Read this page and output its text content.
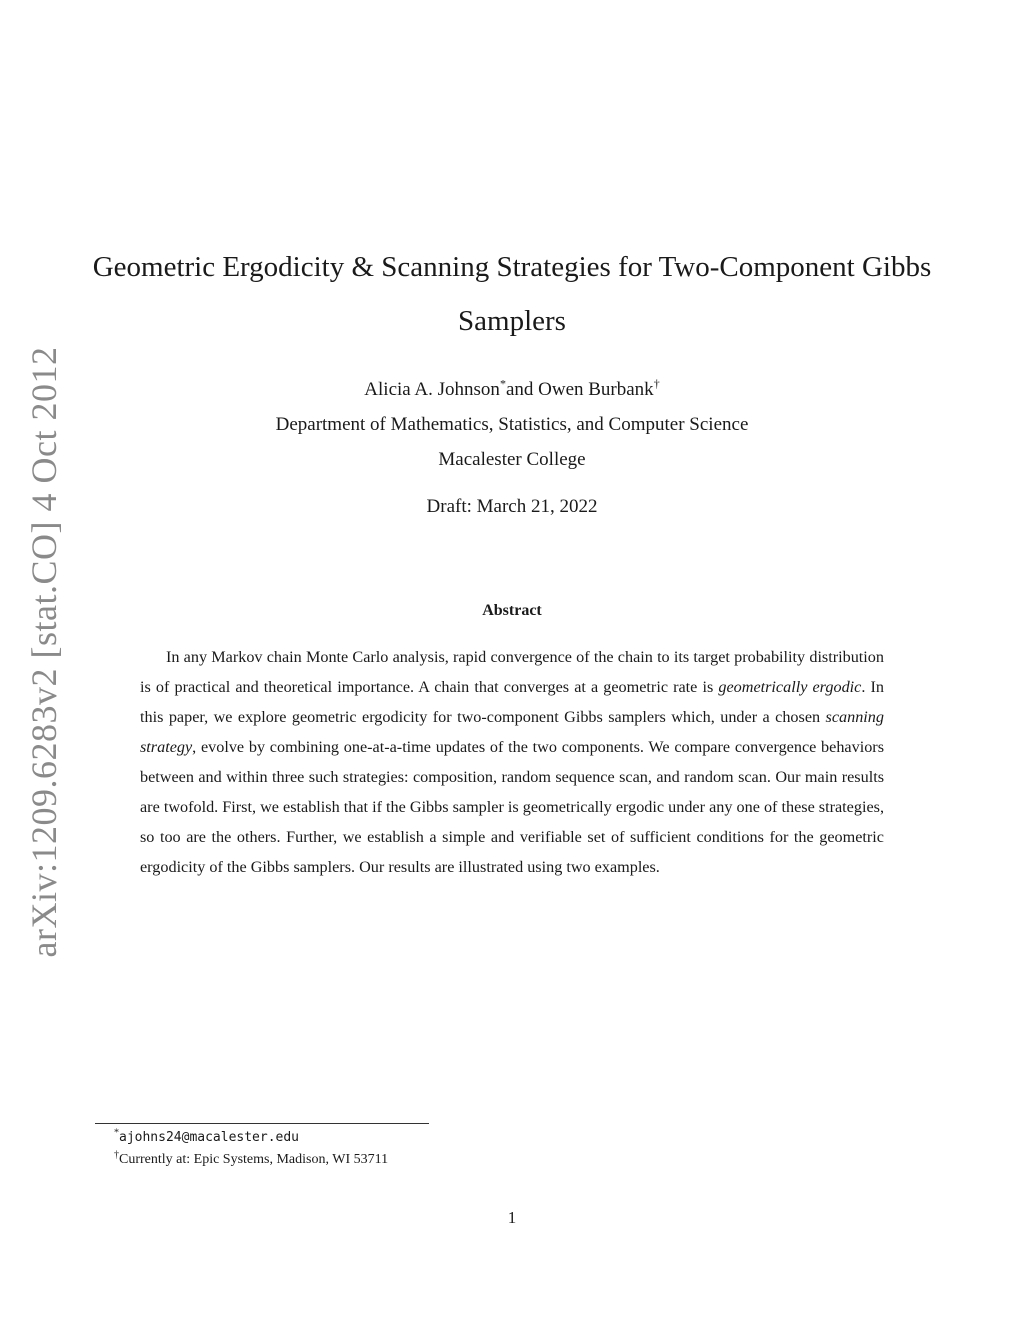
arXiv:1209.6283v2 [stat.CO] 4 Oct 2012
Geometric Ergodicity & Scanning Strategies for Two-Component Gibbs Samplers
Alicia A. Johnson*and Owen Burbank†
Department of Mathematics, Statistics, and Computer Science
Macalester College
Draft: March 21, 2022
Abstract

In any Markov chain Monte Carlo analysis, rapid convergence of the chain to its target probability distribution is of practical and theoretical importance. A chain that converges at a geometric rate is geometrically ergodic. In this paper, we explore geometric ergodicity for two-component Gibbs samplers which, under a chosen scanning strategy, evolve by combining one-at-a-time updates of the two components. We compare convergence behaviors between and within three such strategies: composition, random sequence scan, and random scan. Our main results are twofold. First, we establish that if the Gibbs sampler is geometrically ergodic under any one of these strategies, so too are the others. Further, we establish a simple and verifiable set of sufficient conditions for the geometric ergodicity of the Gibbs samplers. Our results are illustrated using two examples.

*ajohns24@macalester.edu
†Currently at: Epic Systems, Madison, WI 53711
1
